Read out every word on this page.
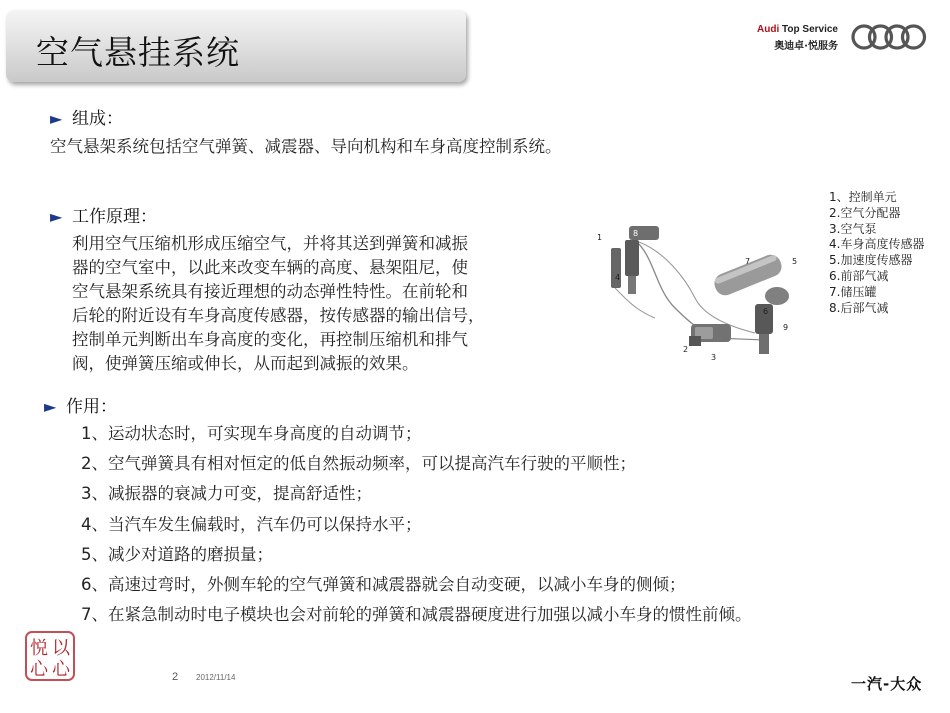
空气悬挂系统
Audi Top Service
奥迪卓·悦服务
► 组成：
空气悬架系统包括空气弹簧、减震器、导向机构和车身高度控制系统。
► 工作原理：
利用空气压缩机形成压缩空气，并将其送到弹簧和减振
器的空气室中，以此来改变车辆的高度、悬架阻尼，使
空气悬架系统具有接近理想的动态弹性特性。在前轮和
后轮的附近设有车身高度传感器，按传感器的输出信号，
控制单元判断出车身高度的变化，再控制压缩机和排气
阀，使弹簧压缩或伸长，从而起到减振的效果。
1
2
3
4
5
6
7
8
9
1、控制单元
2.空气分配器
3.空气泵
4.车身高度传感器
5.加速度传感器
6.前部气减
7.储压罐
8.后部气减
► 作用：
1、运动状态时，可实现车身高度的自动调节；
2、空气弹簧具有相对恒定的低自然振动频率，可以提高汽车行驶的平顺性；
3、减振器的衰减力可变，提高舒适性；
4、当汽车发生偏载时，汽车仍可以保持水平；
5、减少对道路的磨损量；
6、高速过弯时，外侧车轮的空气弹簧和减震器就会自动变硬，以减小车身的侧倾；
7、在紧急制动时电子模块也会对前轮的弹簧和减震器硬度进行加强以减小车身的惯性前倾。
以
心
悦
心	2 2012/11/14	一汽-大众
